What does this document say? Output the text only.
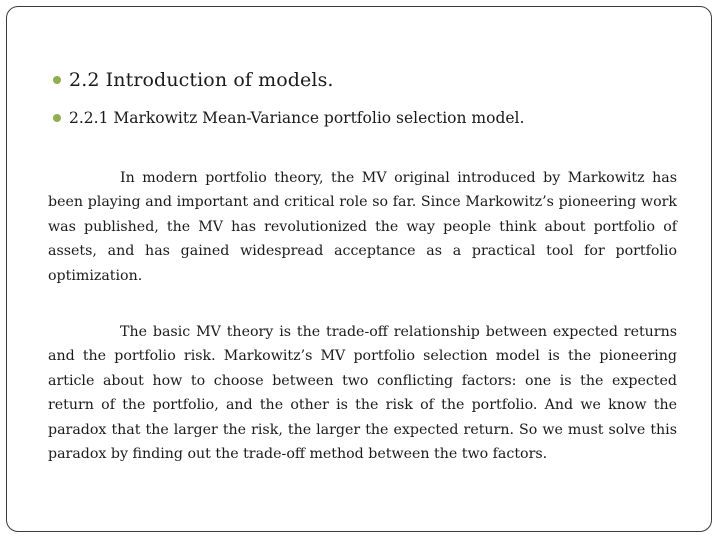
2.2 Introduction of models.
2.2.1 Markowitz Mean-Variance portfolio selection model.

In modern portfolio theory, the MV original introduced by Markowitz has been playing and important and critical role so far. Since Markowitz’s pioneering work was published, the MV has revolutionized the way people think about portfolio of assets, and has gained widespread acceptance as a practical tool for portfolio optimization.

The basic MV theory is the trade-off relationship between expected returns and the portfolio risk. Markowitz’s MV portfolio selection model is the pioneering article about how to choose between two conflicting factors: one is the expected return of the portfolio, and the other is the risk of the portfolio. And we know the paradox that the larger the risk, the larger the expected return. So we must solve this paradox by finding out the trade-off method between the two factors.
